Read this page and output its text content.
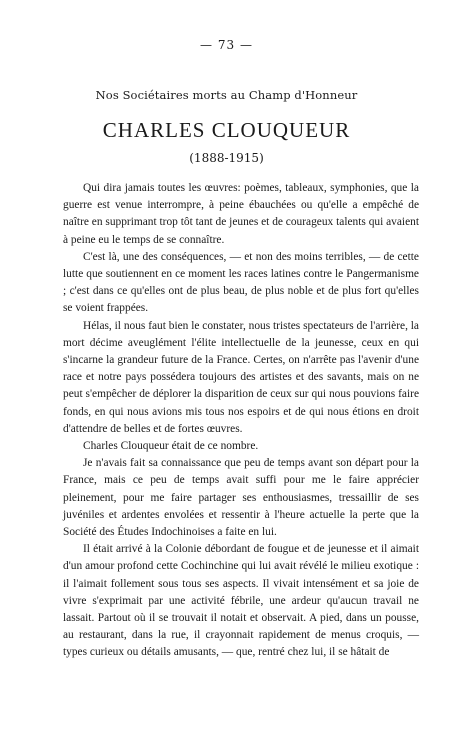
— 73 —
Nos Sociétaires morts au Champ d'Honneur
CHARLES CLOUQUEUR
(1888-1915)

Qui dira jamais toutes les œuvres: poèmes, tableaux, symphonies, que la guerre est venue interrompre, à peine ébauchées ou qu'elle a empêché de naître en supprimant trop tôt tant de jeunes et de courageux talents qui avaient à peine eu le temps de se connaître.

C'est là, une des conséquences, — et non des moins terribles, — de cette lutte que soutiennent en ce moment les races latines contre le Pangermanisme ; c'est dans ce qu'elles ont de plus beau, de plus noble et de plus fort qu'elles se voient frappées.

Hélas, il nous faut bien le constater, nous tristes spectateurs de l'arrière, la mort décime aveuglément l'élite intellectuelle de la jeunesse, ceux en qui s'incarne la grandeur future de la France. Certes, on n'arrête pas l'avenir d'une race et notre pays possédera toujours des artistes et des savants, mais on ne peut s'empêcher de déplorer la disparition de ceux sur qui nous pouvions faire fonds, en qui nous avions mis tous nos espoirs et de qui nous étions en droit d'attendre de belles et de fortes œuvres.

Charles Clouqueur était de ce nombre.

Je n'avais fait sa connaissance que peu de temps avant son départ pour la France, mais ce peu de temps avait suffi pour me le faire apprécier pleinement, pour me faire partager ses enthousiasmes, tressaillir de ses juvéniles et ardentes envolées et ressentir à l'heure actuelle la perte que la Société des Études Indochinoises a faite en lui.

Il était arrivé à la Colonie débordant de fougue et de jeunesse et il aimait d'un amour profond cette Cochinchine qui lui avait révélé le milieu exotique : il l'aimait follement sous tous ses aspects. Il vivait intensément et sa joie de vivre s'exprimait par une activité fébrile, une ardeur qu'aucun travail ne lassait. Partout où il se trouvait il notait et observait. A pied, dans un pousse, au restaurant, dans la rue, il crayonnait rapidement de menus croquis, — types curieux ou détails amusants, — que, rentré chez lui, il se hâtait de
